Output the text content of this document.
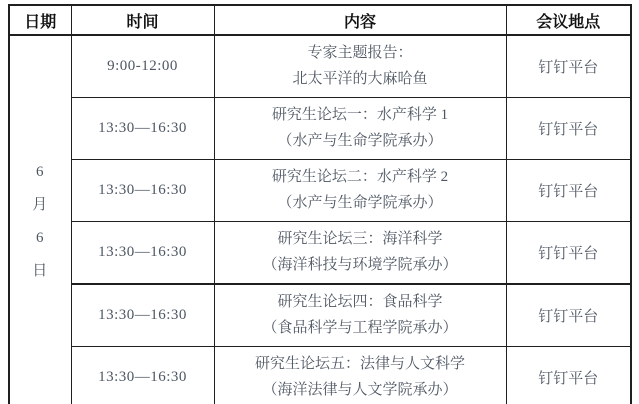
日期	时间	内容	会议地点

6
月
6
日
	9:00-12:00	
专家主题报告：
北太平洋的大麻哈鱼
	钉钉平台
	13:30—16:30	研究生论坛一：水产科学 1
（水产与生命学院承办）	钉钉平台
	13:30—16:30	研究生论坛二：水产科学 2
（水产与生命学院承办）	钉钉平台
	13:30—16:30	研究生论坛三：海洋科学
（海洋科技与环境学院承办）	钉钉平台
	13:30—16:30	研究生论坛四：食品科学
（食品科学与工程学院承办）	钉钉平台
	13:30—16:30	研究生论坛五：法律与人文科学
（海洋法律与人文学院承办）	钉钉平台
